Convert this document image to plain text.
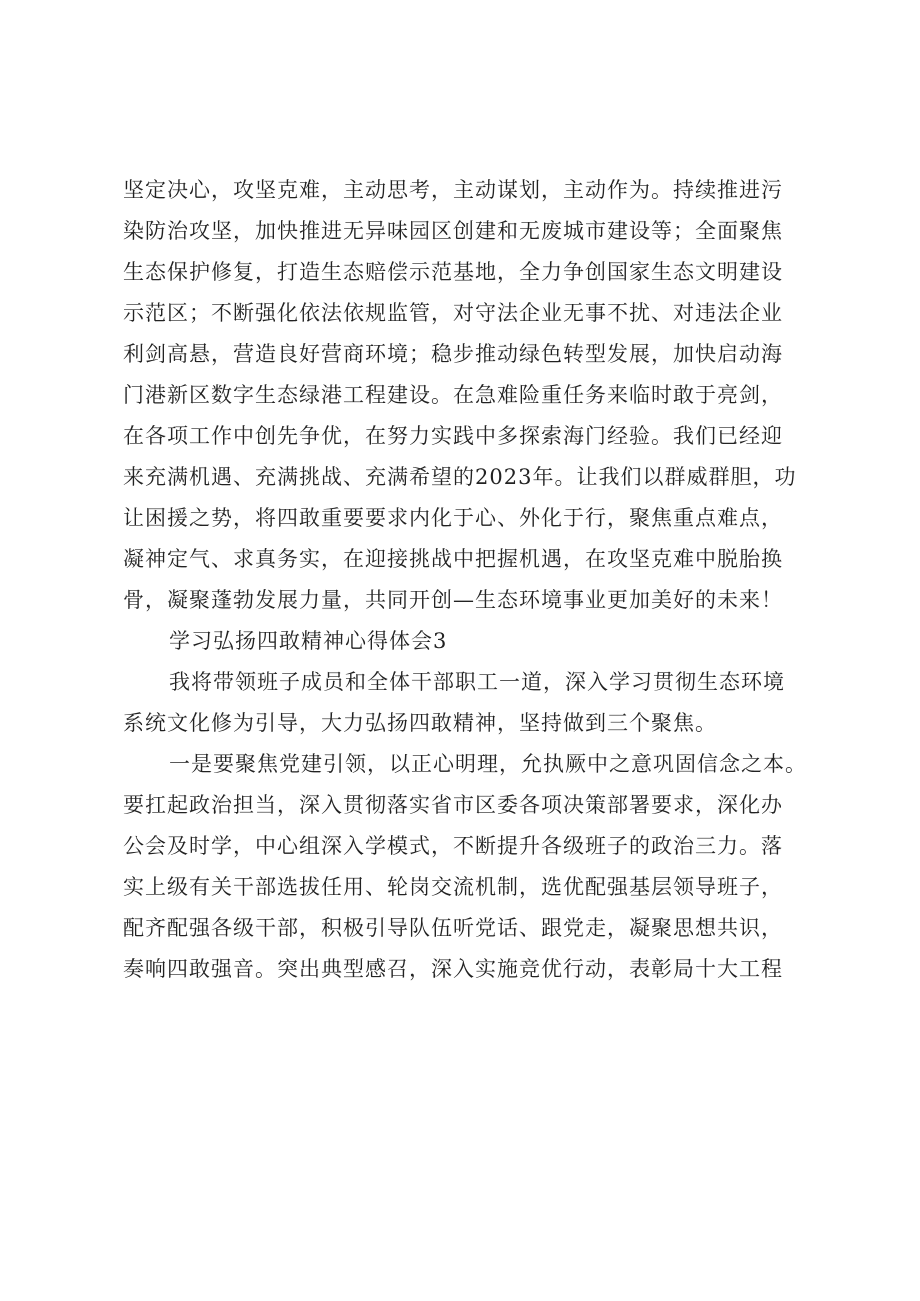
坚定决心，攻坚克难，主动思考，主动谋划，主动作为。持续推进污
染防治攻坚，加快推进无异味园区创建和无废城市建设等；全面聚焦
生态保护修复，打造生态赔偿示范基地，全力争创国家生态文明建设
示范区；不断强化依法依规监管，对守法企业无事不扰、对违法企业
利剑高悬，营造良好营商环境；稳步推动绿色转型发展，加快启动海
门港新区数字生态绿港工程建设。在急难险重任务来临时敢于亮剑，
在各项工作中创先争优，在努力实践中多探索海门经验。我们已经迎
来充满机遇、充满挑战、充满希望的2023年。让我们以群威群胆，功
让困援之势，将四敢重要要求内化于心、外化于行，聚焦重点难点，
凝神定气、求真务实，在迎接挑战中把握机遇，在攻坚克难中脱胎换
骨，凝聚蓬勃发展力量，共同开创—生态环境事业更加美好的未来！
学习弘扬四敢精神心得体会3
我将带领班子成员和全体干部职工一道，深入学习贯彻生态环境
系统文化修为引导，大力弘扬四敢精神，坚持做到三个聚焦。
一是要聚焦党建引领，以正心明理，允执厥中之意巩固信念之本。
要扛起政治担当，深入贯彻落实省市区委各项决策部署要求，深化办
公会及时学，中心组深入学模式，不断提升各级班子的政治三力。落
实上级有关干部选拔任用、轮岗交流机制，选优配强基层领导班子，
配齐配强各级干部，积极引导队伍听党话、跟党走，凝聚思想共识，
奏响四敢强音。突出典型感召，深入实施竞优行动，表彰局十大工程
